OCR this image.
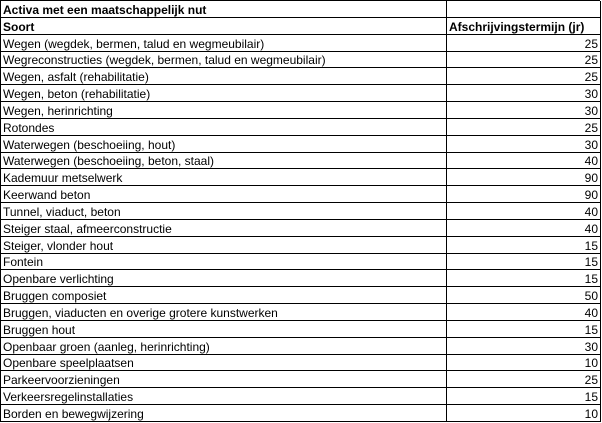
Activa met een maatschappelijk nut
Soort	Afschrijvingstermijn (jr)
Wegen (wegdek, bermen, talud en wegmeubilair)	25
Wegreconstructies (wegdek, bermen, talud en wegmeubilair)	25
Wegen, asfalt (rehabilitatie)	25
Wegen, beton (rehabilitatie)	30
Wegen, herinrichting	30
Rotondes	25
Waterwegen (beschoeiing, hout)	30
Waterwegen (beschoeiing, beton, staal)	40
Kademuur metselwerk	90
Keerwand beton	90
Tunnel, viaduct, beton	40
Steiger staal, afmeerconstructie	40
Steiger, vlonder hout	15
Fontein	15
Openbare verlichting	15
Bruggen composiet	50
Bruggen, viaducten en overige grotere kunstwerken	40
Bruggen hout	15
Openbaar groen (aanleg, herinrichting)	30
Openbare speelplaatsen	10
Parkeervoorzieningen	25
Verkeersregelinstallaties	15
Borden en bewegwijzering	10
